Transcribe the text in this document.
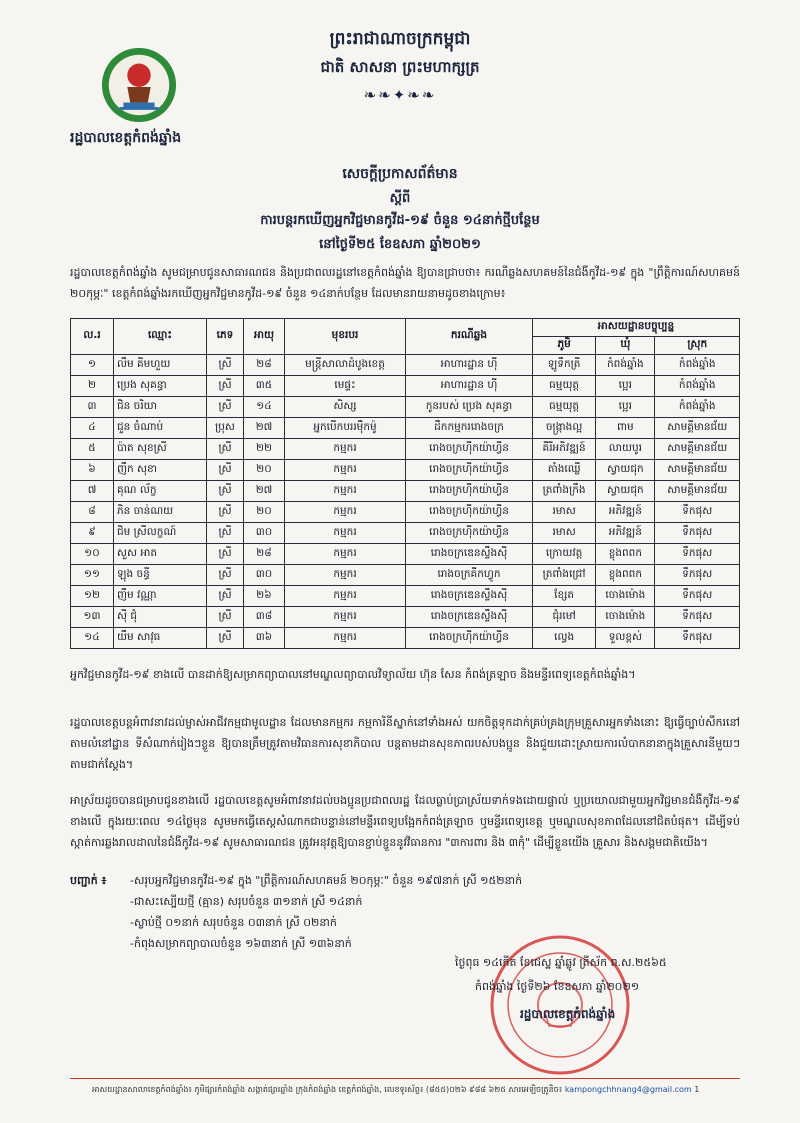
ព្រះរាជាណាចក្រកម្ពុជា
ជាតិ សាសនា ព្រះមហាក្សត្រ
❧❧✦❧❧
រដ្ឋបាលខេត្តកំពង់ឆ្នាំង
សេចក្តីប្រកាសព័ត៌មាន
ស្តីពី
ការបន្តរកឃើញអ្នកវិជ្ជមានកូវីដ-១៩ ចំនួន ១៤នាក់ថ្មីបន្ថែម
នៅថ្ងៃទី២៥ ខែឧសភា ឆ្នាំ២០២១
រដ្ឋបាលខេត្តកំពង់ឆ្នាំង សូមជម្រាបជូនសាធារណជន និងប្រជាពលរដ្ឋនៅខេត្តកំពង់ឆ្នាំង ឱ្យបានជ្រាបថា៖ ករណីឆ្លងសហគមន៍នៃជំងឺកូវីដ-១៩ ក្នុង "ព្រឹត្តិការណ៍សហគមន៍ ២០កុម្ភៈ" ខេត្តកំពង់ឆ្នាំងរកឃើញអ្នកវិជ្ជមានកូវីដ-១៩ ចំនួន ១៤នាក់បន្ថែម ដែលមានរាយនាមដូចខាងក្រោម៖
ល.រ	ឈ្មោះ	ភេទ	អាយុ	មុខរបរ	ករណីឆ្លង	អាសយដ្ឋានបច្ចុប្បន្ន		
						ភូមិ	ឃុំ	ស្រុក
១	លឹម គីមហួយ	ស្រី	២៨	មន្ត្រីសាលាដំបូងខេត្ត	អាហារដ្ឋាន ហ៊ី	ឡូទឹកត្រី	កំពង់ឆ្នាំង	កំពង់ឆ្នាំង
២	ប្រេង សុគន្ធា	ស្រី	៣៥	មេផ្ទះ	អាហារដ្ឋាន ហ៊ី	ធម្មយុត្ត	ប្អេរ	កំពង់ឆ្នាំង
៣	ជិន ចរិយា	ស្រី	១៤	សិស្ស	កូនរបស់ ប្រេង សុគន្ធា	ធម្មយុត្ត	ប្អេរ	កំពង់ឆ្នាំង
៤	ជួន ចំណាប់	ប្រុស	២៧	អ្នកបើកបររម៉ឺកម៉ូ	ដឹកកម្មកររោងចក្រ	ចង្ក្រាងល្អ	ពាម	សាមគ្គីមានជ័យ
៥	ប៉ាត សុខស្រី	ស្រី	២២	កម្មករ	រោងចក្រហ៊ីកយ៉ាហ្វីន	គីរីអភិវឌ្ឍន៍	លាយបូរ	សាមគ្គីមានជ័យ
៦	ញឹក សុខា	ស្រី	២០	កម្មករ	រោងចក្រហ៊ីកយ៉ាហ្វីន	តាំងឈ្លើ	ស្វាយជុក	សាមគ្គីមានជ័យ
៧	គុណ ល័ក្ខ	ស្រី	២៧	កម្មករ	រោងចក្រហ៊ីកយ៉ាហ្វីន	ត្រពាំងក្រឹង	ស្វាយជុក	សាមគ្គីមានជ័យ
៨	ភិន ចាន់ណយ	ស្រី	២០	កម្មករ	រោងចក្រហ៊ីកយ៉ាហ្វីន	រមាស	អភិវឌ្ឍន៍	ទឹកផុស
៩	ជិម ស្រីលក្ខណ៍	ស្រី	៣០	កម្មករ	រោងចក្រហ៊ីកយ៉ាហ្វីន	រមាស	អភិវឌ្ឍន៍	ទឹកផុស
១០	សួស អាត	ស្រី	២៨	កម្មករ	រោងចក្រឌេនស្ទឹងស៊ី	ក្រោយវត្ត	ខ្លុងពពក	ទឹកផុស
១១	ឡុង ចន្ធី	ស្រី	៣០	កម្មករ	រោងចក្រគីកហ្វូក	ត្រពាំងជ្រៅ	ខ្លុងពពក	ទឹកផុស
១២	ញឹម វណ្ណា	ស្រី	២៦	កម្មករ	រោងចក្រឌេនស្ទឹងស៊ី	ខ្សែត	ចោងម៉ោង	ទឹកផុស
១៣	ស៊ី ជុំ	ស្រី	៣៨	កម្មករ	រោងចក្រឌេនស្ទឹងស៊ី	ជុំរមៅ	ចោងម៉ោង	ទឹកផុស
១៤	យឹម សាវុធ	ស្រី	៣៦	កម្មករ	រោងចក្រហ៊ីកយ៉ាហ្វីន	ល្វេង	ទួលខ្ពស់	ទឹកផុស
អ្នកវិជ្ជមានកូវីដ-១៩ ខាងលើ បានដាក់ឱ្យសម្រាកព្យាបាលនៅមណ្ឌលព្យាបាលវិទ្យាល័យ ហ៊ុន សែន កំពង់ត្រឡាច និងមន្ទីរពេទ្យខេត្តកំពង់ឆ្នាំង។
រដ្ឋបាលខេត្តបន្តអំពាវនាវដល់ម្ចាស់អាជីវកម្មជាមូលដ្ឋាន ដែលមានកម្មករ កម្មការិនីស្នាក់នៅទាំងអស់ យកចិត្តទុកដាក់គ្រប់គ្រងក្រុមគ្រួសារអ្នកទាំងនោះ ឱ្យធ្វើច្បាប់សឹករនៅតាមលំនៅដ្ឋាន ទីសំណាក់រៀងៗខ្លួន ឱ្យបានត្រឹមត្រូវតាមវិធានការសុខាភិបាល បន្តតាមដានសុខភាពរបស់បងប្អូន និងជួយដោះស្រាយការលំបាកនានាក្នុងគ្រួសារនីមួយៗ តាមជាក់ស្តែង។
អាស្រ័យដូចបានជម្រាបជូនខាងលើ រដ្ឋបាលខេត្តសូមអំពាវនាវដល់បងប្អូនប្រជាពលរដ្ឋ ដែលធ្លាប់ប្រាស្រ័យទាក់ទងដោយផ្ទាល់ ឬប្រយោលជាមួយអ្នកវិជ្ជមានជំងឺកូវីដ-១៩ ខាងលើ ក្នុងរយៈពេល ១៤ថ្ងៃមុន សូមមកធ្វើតេស្តសំណាកជាបន្ទាន់នៅមន្ទីរពេទ្យបង្អែកកំពង់ត្រឡាច ឬមន្ទីរពេទ្យខេត្ត ឬមណ្ឌលសុខភាពដែលនៅជិតបំផុត។ ដើម្បីទប់ស្កាត់ការឆ្លងរាលដាលនៃជំងឺកូវីដ-១៩ សូមសាធារណជន ត្រូវអនុវត្តឱ្យបានខ្ជាប់ខ្ជួននូវវិធានការ "៣ការពារ និង ៣កុំ" ដើម្បីខ្លួនយើង គ្រួសារ និងសង្គមជាតិយើង។
បញ្ជាក់ ៖ -សរុបអ្នកវិជ្ជមានកូវីដ-១៩ ក្នុង "ព្រឹត្តិការណ៍សហគមន៍ ២០កុម្ភៈ" ចំនួន ១៩៧នាក់ ស្រី ១៥២នាក់
-ជាសះស្បើយថ្មី (គ្មាន) សរុបចំនួន ៣១នាក់ ស្រី ១៤នាក់
-ស្លាប់ថ្មី ០១នាក់ សរុបចំនួន ០៣នាក់ ស្រី ០២នាក់
-កំពុងសម្រាកព្យាបាលចំនួន ១៦៣នាក់ ស្រី ១៣៦នាក់
ថ្ងៃពុធ ១៤កើត ខែជេស្ឋ ឆ្នាំឆ្លូវ ត្រីស័ក ព.ស.២៥៦៥
កំពង់ឆ្នាំង ថ្ងៃទី២៦ ខែឧសភា ឆ្នាំ២០២១
រដ្ឋបាលខេត្តកំពង់ឆ្នាំង
អាសយដ្ឋានសាលាខេត្តកំពង់ឆ្នាំង៖ ភូមិផ្សារកំពង់ឆ្នាំង សង្កាត់ផ្សារឆ្នាំង ក្រុងកំពង់ឆ្នាំង ខេត្តកំពង់ឆ្នាំង, លេខទូរស័ព្ទ៖ (៨៥៥)០២៦ ៩៨៨ ៦២៥ សារអេឡិចត្រូនិច៖ kampongchhnang4@gmail.com 1
